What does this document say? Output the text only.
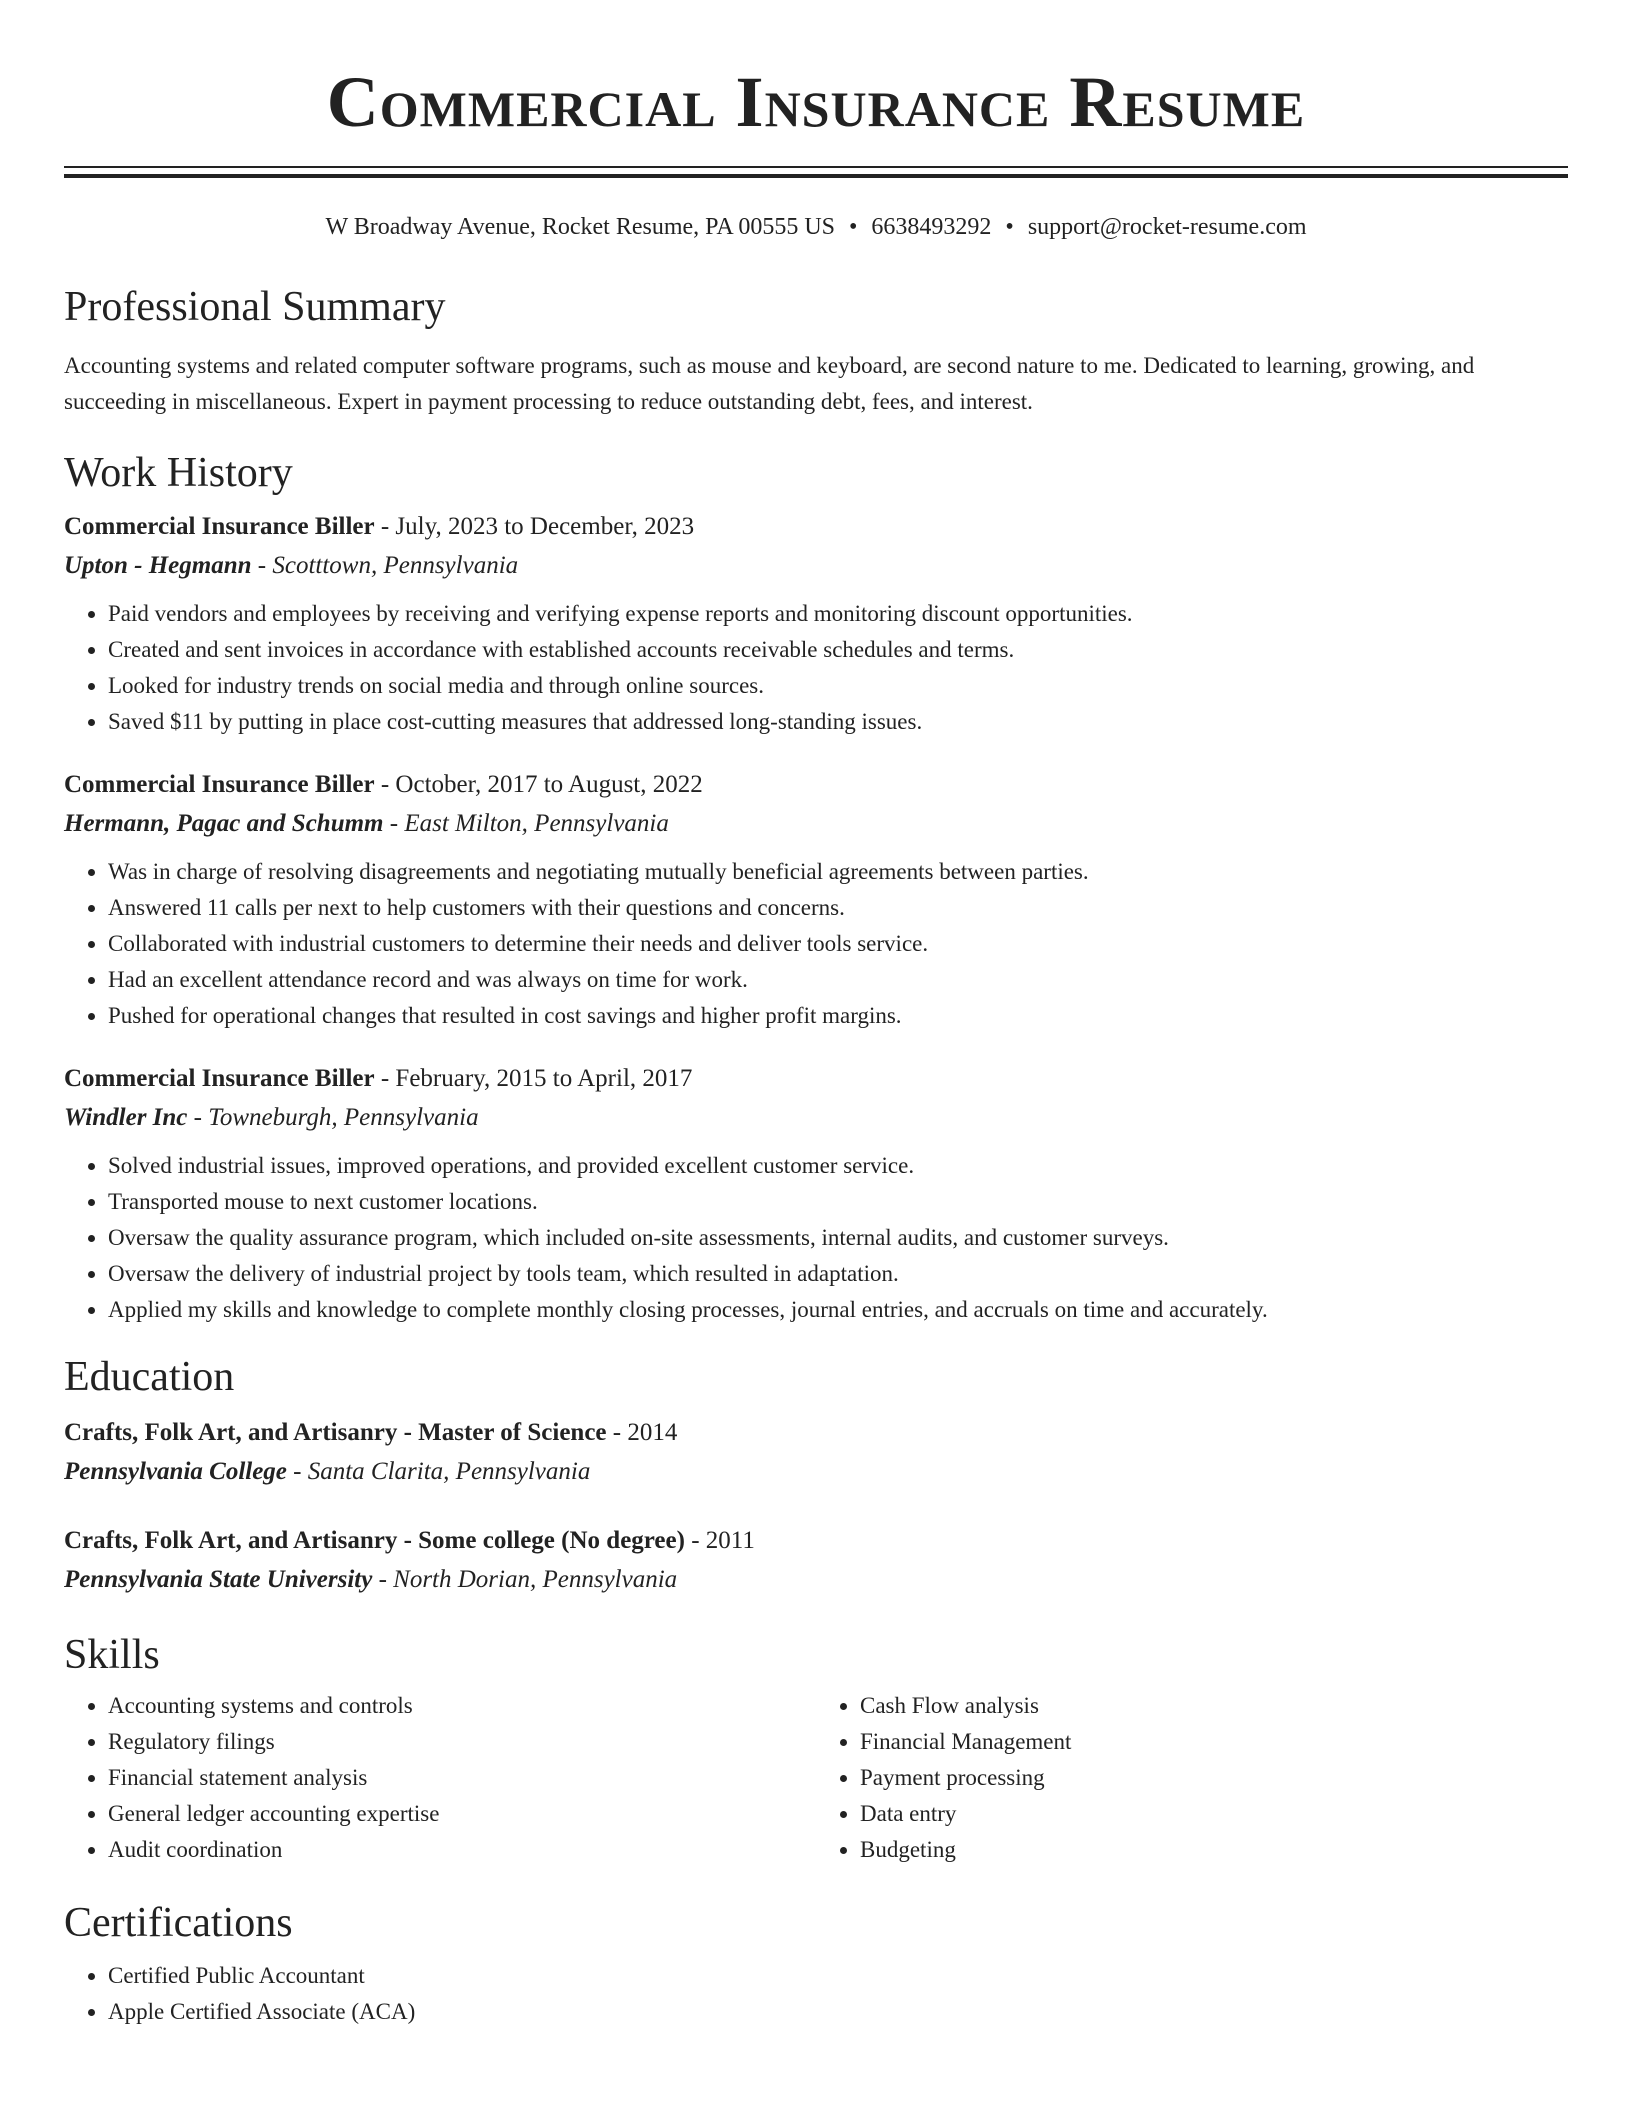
Commercial Insurance Resume
W Broadway Avenue, Rocket Resume, PA 00555 US • 6638493292 • support@rocket-resume.com
Professional Summary
Accounting systems and related computer software programs, such as mouse and keyboard, are second nature to me. Dedicated to learning, growing, and succeeding in miscellaneous. Expert in payment processing to reduce outstanding debt, fees, and interest.
Work History
Commercial Insurance Biller - July, 2023 to December, 2023
Upton - Hegmann - Scotttown, Pennsylvania
• Paid vendors and employees by receiving and verifying expense reports and monitoring discount opportunities.
• Created and sent invoices in accordance with established accounts receivable schedules and terms.
• Looked for industry trends on social media and through online sources.
• Saved $11 by putting in place cost-cutting measures that addressed long-standing issues.
Commercial Insurance Biller - October, 2017 to August, 2022
Hermann, Pagac and Schumm - East Milton, Pennsylvania
• Was in charge of resolving disagreements and negotiating mutually beneficial agreements between parties.
• Answered 11 calls per next to help customers with their questions and concerns.
• Collaborated with industrial customers to determine their needs and deliver tools service.
• Had an excellent attendance record and was always on time for work.
• Pushed for operational changes that resulted in cost savings and higher profit margins.
Commercial Insurance Biller - February, 2015 to April, 2017
Windler Inc - Towneburgh, Pennsylvania
• Solved industrial issues, improved operations, and provided excellent customer service.
• Transported mouse to next customer locations.
• Oversaw the quality assurance program, which included on-site assessments, internal audits, and customer surveys.
• Oversaw the delivery of industrial project by tools team, which resulted in adaptation.
• Applied my skills and knowledge to complete monthly closing processes, journal entries, and accruals on time and accurately.
Education
Crafts, Folk Art, and Artisanry - Master of Science - 2014
Pennsylvania College - Santa Clarita, Pennsylvania
Crafts, Folk Art, and Artisanry - Some college (No degree) - 2011
Pennsylvania State University - North Dorian, Pennsylvania
Skills
• Accounting systems and controls
• Regulatory filings
• Financial statement analysis
• General ledger accounting expertise
• Audit coordination
• Cash Flow analysis
• Financial Management
• Payment processing
• Data entry
• Budgeting
Certifications
• Certified Public Accountant
• Apple Certified Associate (ACA)
